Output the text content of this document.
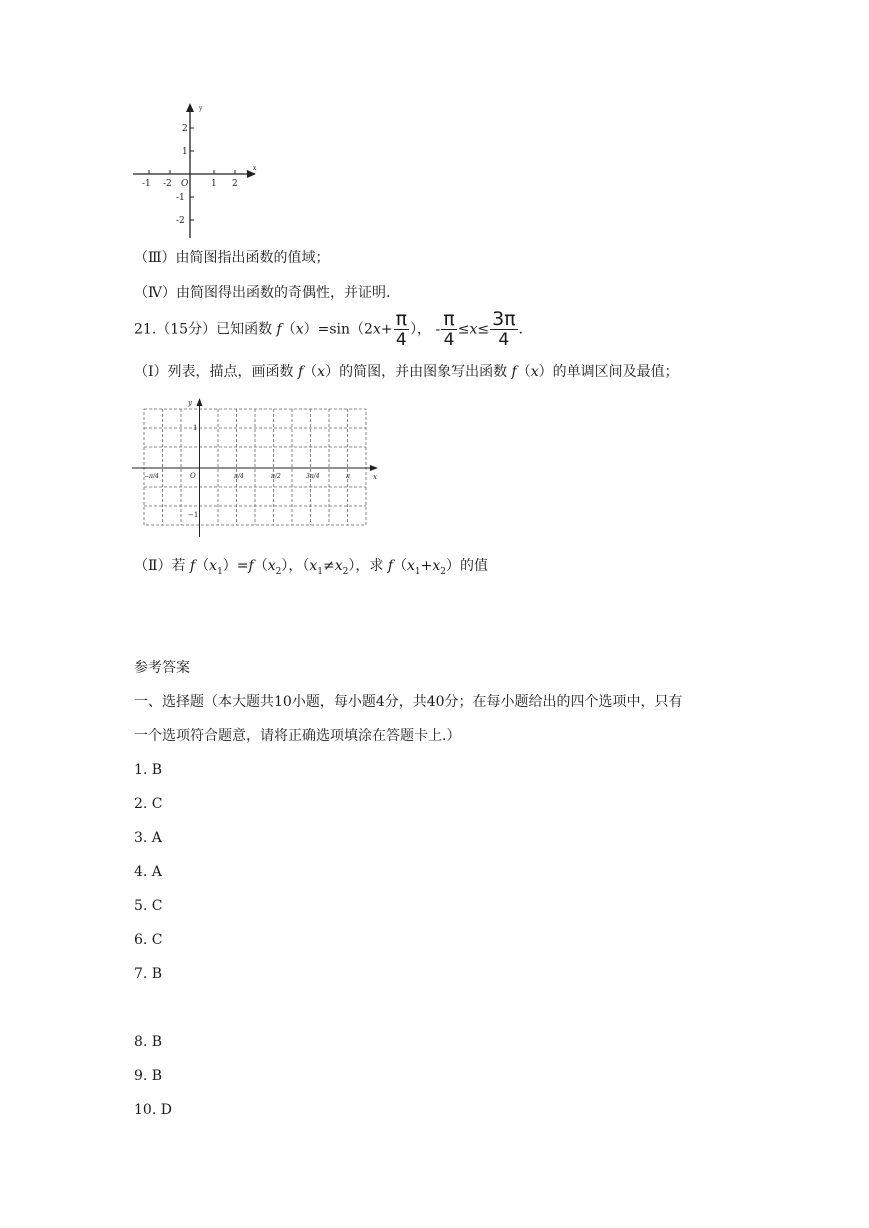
y
x
O
2
1
-1
-2
-1 -2	1 2
（Ⅲ）由简图指出函数的值域；
（Ⅳ）由简图得出函数的奇偶性，并证明.
21.（15分）已知函数 $f(x)=\sin(2x+ \frac{\pi}{4}$ ）， - $\frac{\pi}{4} \le x\le \frac{3\pi}{4}$ .
（Ⅰ）列表，描点，画函数 f（x）的简图，并由图象写出函数 f（x）的单调区间及最值；
y
x
O
1
−1
−π/4	π/4	π/2	3π/4	π
（Ⅱ）若 $f(x_1)=f(x_2)$，$(x_1\ne x_2)$，求 $f(x_1+x_2)$的值
参考答案
一、选择题（本大题共10小题，每小题4分，共40分；在每小题给出的四个选项中，只有
一个选项符合题意，请将正确选项填涂在答题卡上.）
1. B
2. C
3. A
4. A
5. C
6. C
7. B
8. B
9. B
10. D
